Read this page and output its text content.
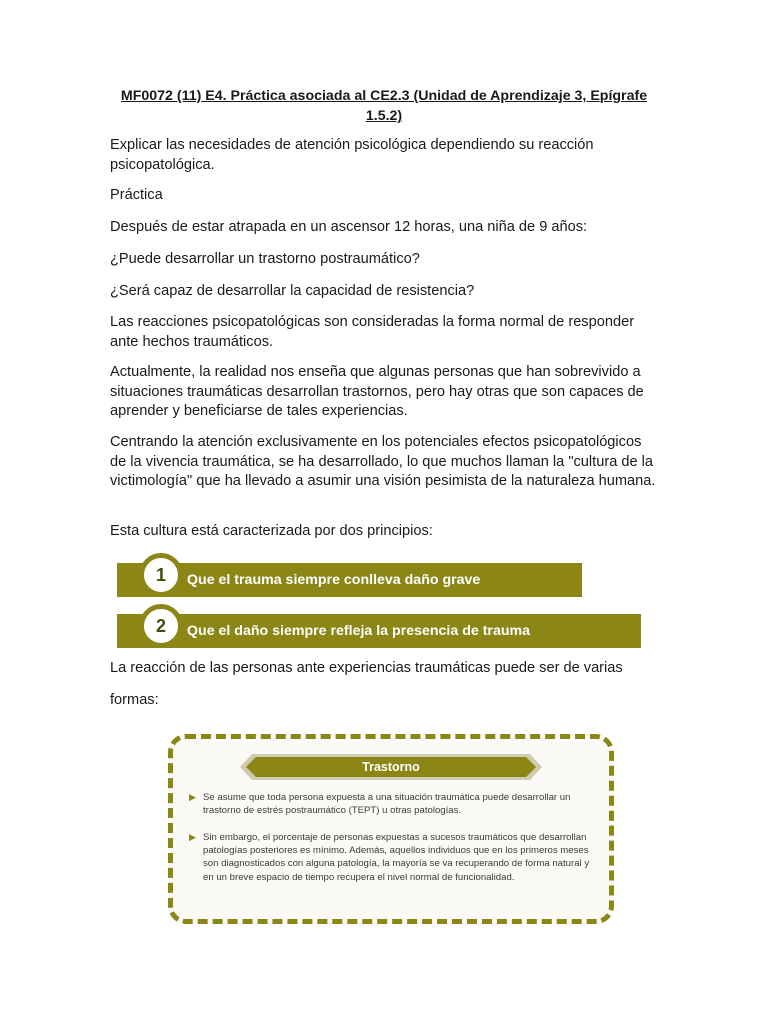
MF0072 (11) E4. Práctica asociada al CE2.3 (Unidad de Aprendizaje 3, Epígrafe 1.5.2)

Explicar las necesidades de atención psicológica dependiendo su reacción psicopatológica.

Práctica

Después de estar atrapada en un ascensor 12 horas, una niña de 9 años:

¿Puede desarrollar un trastorno postraumático?

¿Será capaz de desarrollar la capacidad de resistencia?

Las reacciones psicopatológicas son consideradas la forma normal de responder ante hechos traumáticos.

Actualmente, la realidad nos enseña que algunas personas que han sobrevivido a situaciones traumáticas desarrollan trastornos, pero hay otras que son capaces de aprender y beneficiarse de tales experiencias.

Centrando la atención exclusivamente en los potenciales efectos psicopatológicos de la vivencia traumática, se ha desarrollado, lo que muchos llaman la "cultura de la victimología" que ha llevado a asumir una visión pesimista de la naturaleza humana.

Esta cultura está caracterizada por dos principios:

1	Que el trauma siempre conlleva daño grave
2	Que el daño siempre refleja la presencia de trauma

La reacción de las personas ante experiencias traumáticas puede ser de varias

formas:

Trastorno
▶ Se asume que toda persona expuesta a una situación traumática puede desarrollar un trastorno de estrés postraumático (TEPT) u otras patologías.
▶ Sin embargo, el porcentaje de personas expuestas a sucesos traumáticos que desarrollan patologías posteriores es mínimo. Además, aquellos individuos que en los primeros meses son diagnosticados con alguna patología, la mayoría se va recuperando de forma natural y en un breve espacio de tiempo recupera el nivel normal de funcionalidad.
